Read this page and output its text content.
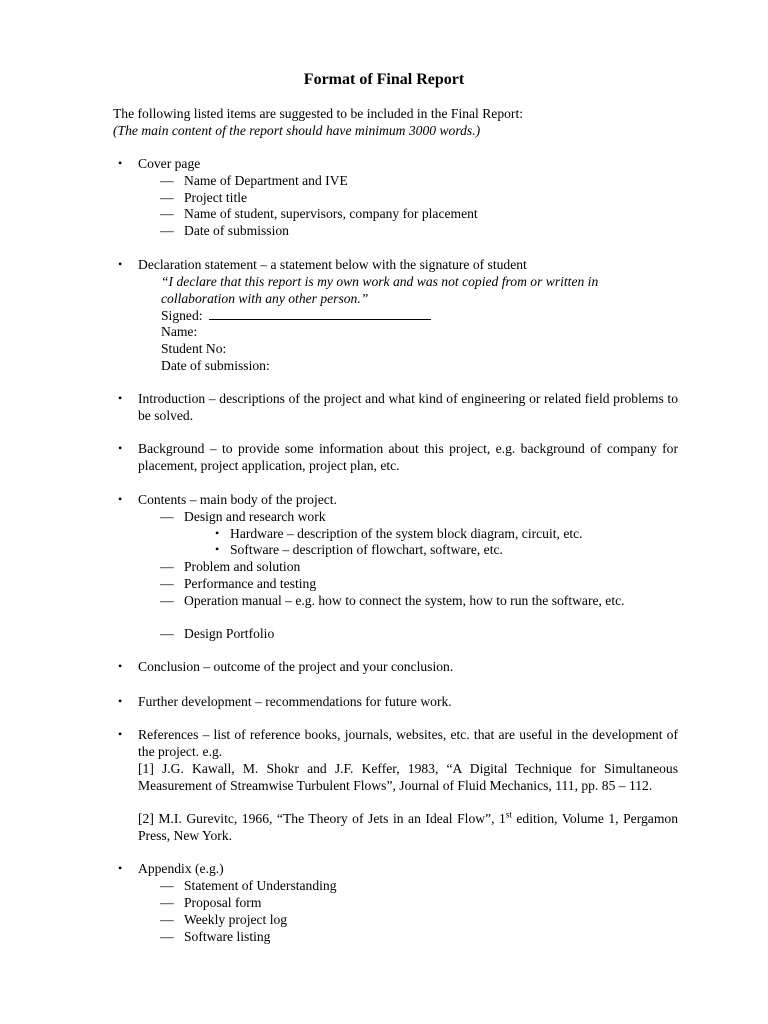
Format of Final Report
The following listed items are suggested to be included in the Final Report:
(The main content of the report should have minimum 3000 words.)
• Cover page
— Name of Department and IVE
— Project title
— Name of student, supervisors, company for placement
— Date of submission
• Declaration statement – a statement below with the signature of student
“I declare that this report is my own work and was not copied from or written in
collaboration with any other person.”
Signed:
Name:
Student No:
Date of submission:
• Introduction – descriptions of the project and what kind of engineering or related field problems to be solved.
• Background – to provide some information about this project, e.g. background of company for placement, project application, project plan, etc.
• Contents – main body of the project.
— Design and research work
• Hardware – description of the system block diagram, circuit, etc.
• Software – description of flowchart, software, etc.
— Problem and solution
— Performance and testing
— Operation manual – e.g. how to connect the system, how to run the software, etc.
— Design Portfolio
• Conclusion – outcome of the project and your conclusion.
• Further development – recommendations for future work.
• References – list of reference books, journals, websites, etc. that are useful in the development of the project. e.g.
[1] J.G. Kawall, M. Shokr and J.F. Keffer, 1983, “A Digital Technique for Simultaneous Measurement of Streamwise Turbulent Flows”, Journal of Fluid Mechanics, 111, pp. 85 – 112.
[2] M.I. Gurevitc, 1966, “The Theory of Jets in an Ideal Flow”, 1st edition, Volume 1, Pergamon Press, New York.
• Appendix (e.g.)
— Statement of Understanding
— Proposal form
— Weekly project log
— Software listing
